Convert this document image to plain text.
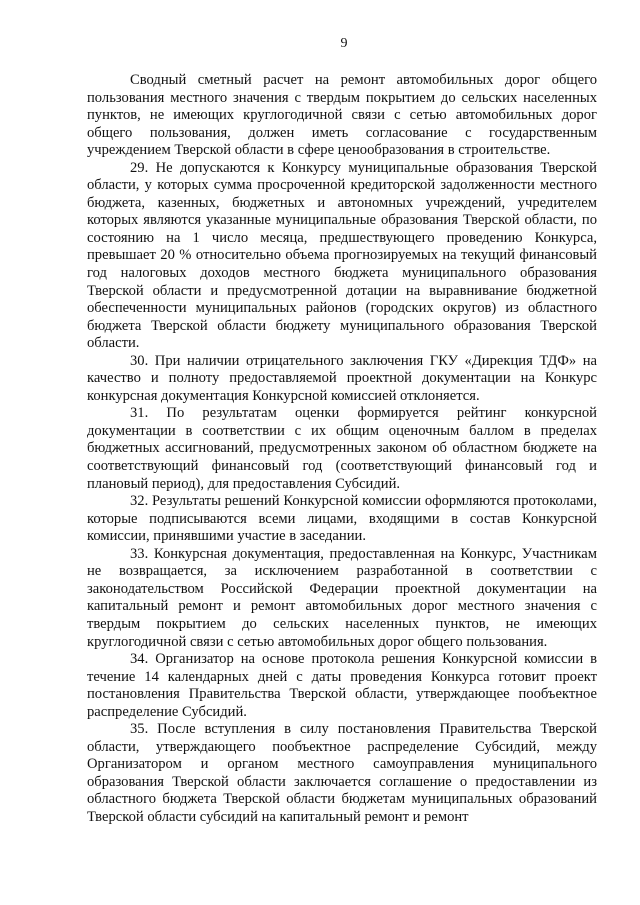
9

Сводный сметный расчет на ремонт автомобильных дорог общего пользования местного значения с твердым покрытием до сельских населенных пунктов, не имеющих круглогодичной связи с сетью автомобильных дорог общего пользования, должен иметь согласование с государственным учреждением Тверской области в сфере ценообразования в строительстве.

29. Не допускаются к Конкурсу муниципальные образования Тверской области, у которых сумма просроченной кредиторской задолженности местного бюджета, казенных, бюджетных и автономных учреждений, учредителем которых являются указанные муниципальные образования Тверской области, по состоянию на 1 число месяца, предшествующего проведению Конкурса, превышает 20 % относительно объема прогнозируемых на текущий финансовый год налоговых доходов местного бюджета муниципального образования Тверской области и предусмотренной дотации на выравнивание бюджетной обеспеченности муниципальных районов (городских округов) из областного бюджета Тверской области бюджету муниципального образования Тверской области.

30. При наличии отрицательного заключения ГКУ «Дирекция ТДФ» на качество и полноту предоставляемой проектной документации на Конкурс конкурсная документация Конкурсной комиссией отклоняется.

31. По результатам оценки формируется рейтинг конкурсной документации в соответствии с их общим оценочным баллом в пределах бюджетных ассигнований, предусмотренных законом об областном бюджете на соответствующий финансовый год (соответствующий финансовый год и плановый период), для предоставления Субсидий.

32. Результаты решений Конкурсной комиссии оформляются протоколами, которые подписываются всеми лицами, входящими в состав Конкурсной комиссии, принявшими участие в заседании.

33. Конкурсная документация, предоставленная на Конкурс, Участникам не возвращается, за исключением разработанной в соответствии с законодательством Российской Федерации проектной документации на капитальный ремонт и ремонт автомобильных дорог местного значения с твердым покрытием до сельских населенных пунктов, не имеющих круглогодичной связи с сетью автомобильных дорог общего пользования.

34. Организатор на основе протокола решения Конкурсной комиссии в течение 14 календарных дней с даты проведения Конкурса готовит проект постановления Правительства Тверской области, утверждающее пообъектное распределение Субсидий.

35. После вступления в силу постановления Правительства Тверской области, утверждающего пообъектное распределение Субсидий, между Организатором и органом местного самоуправления муниципального образования Тверской области заключается соглашение о предоставлении из областного бюджета Тверской области бюджетам муниципальных образований Тверской области субсидий на капитальный ремонт и ремонт
